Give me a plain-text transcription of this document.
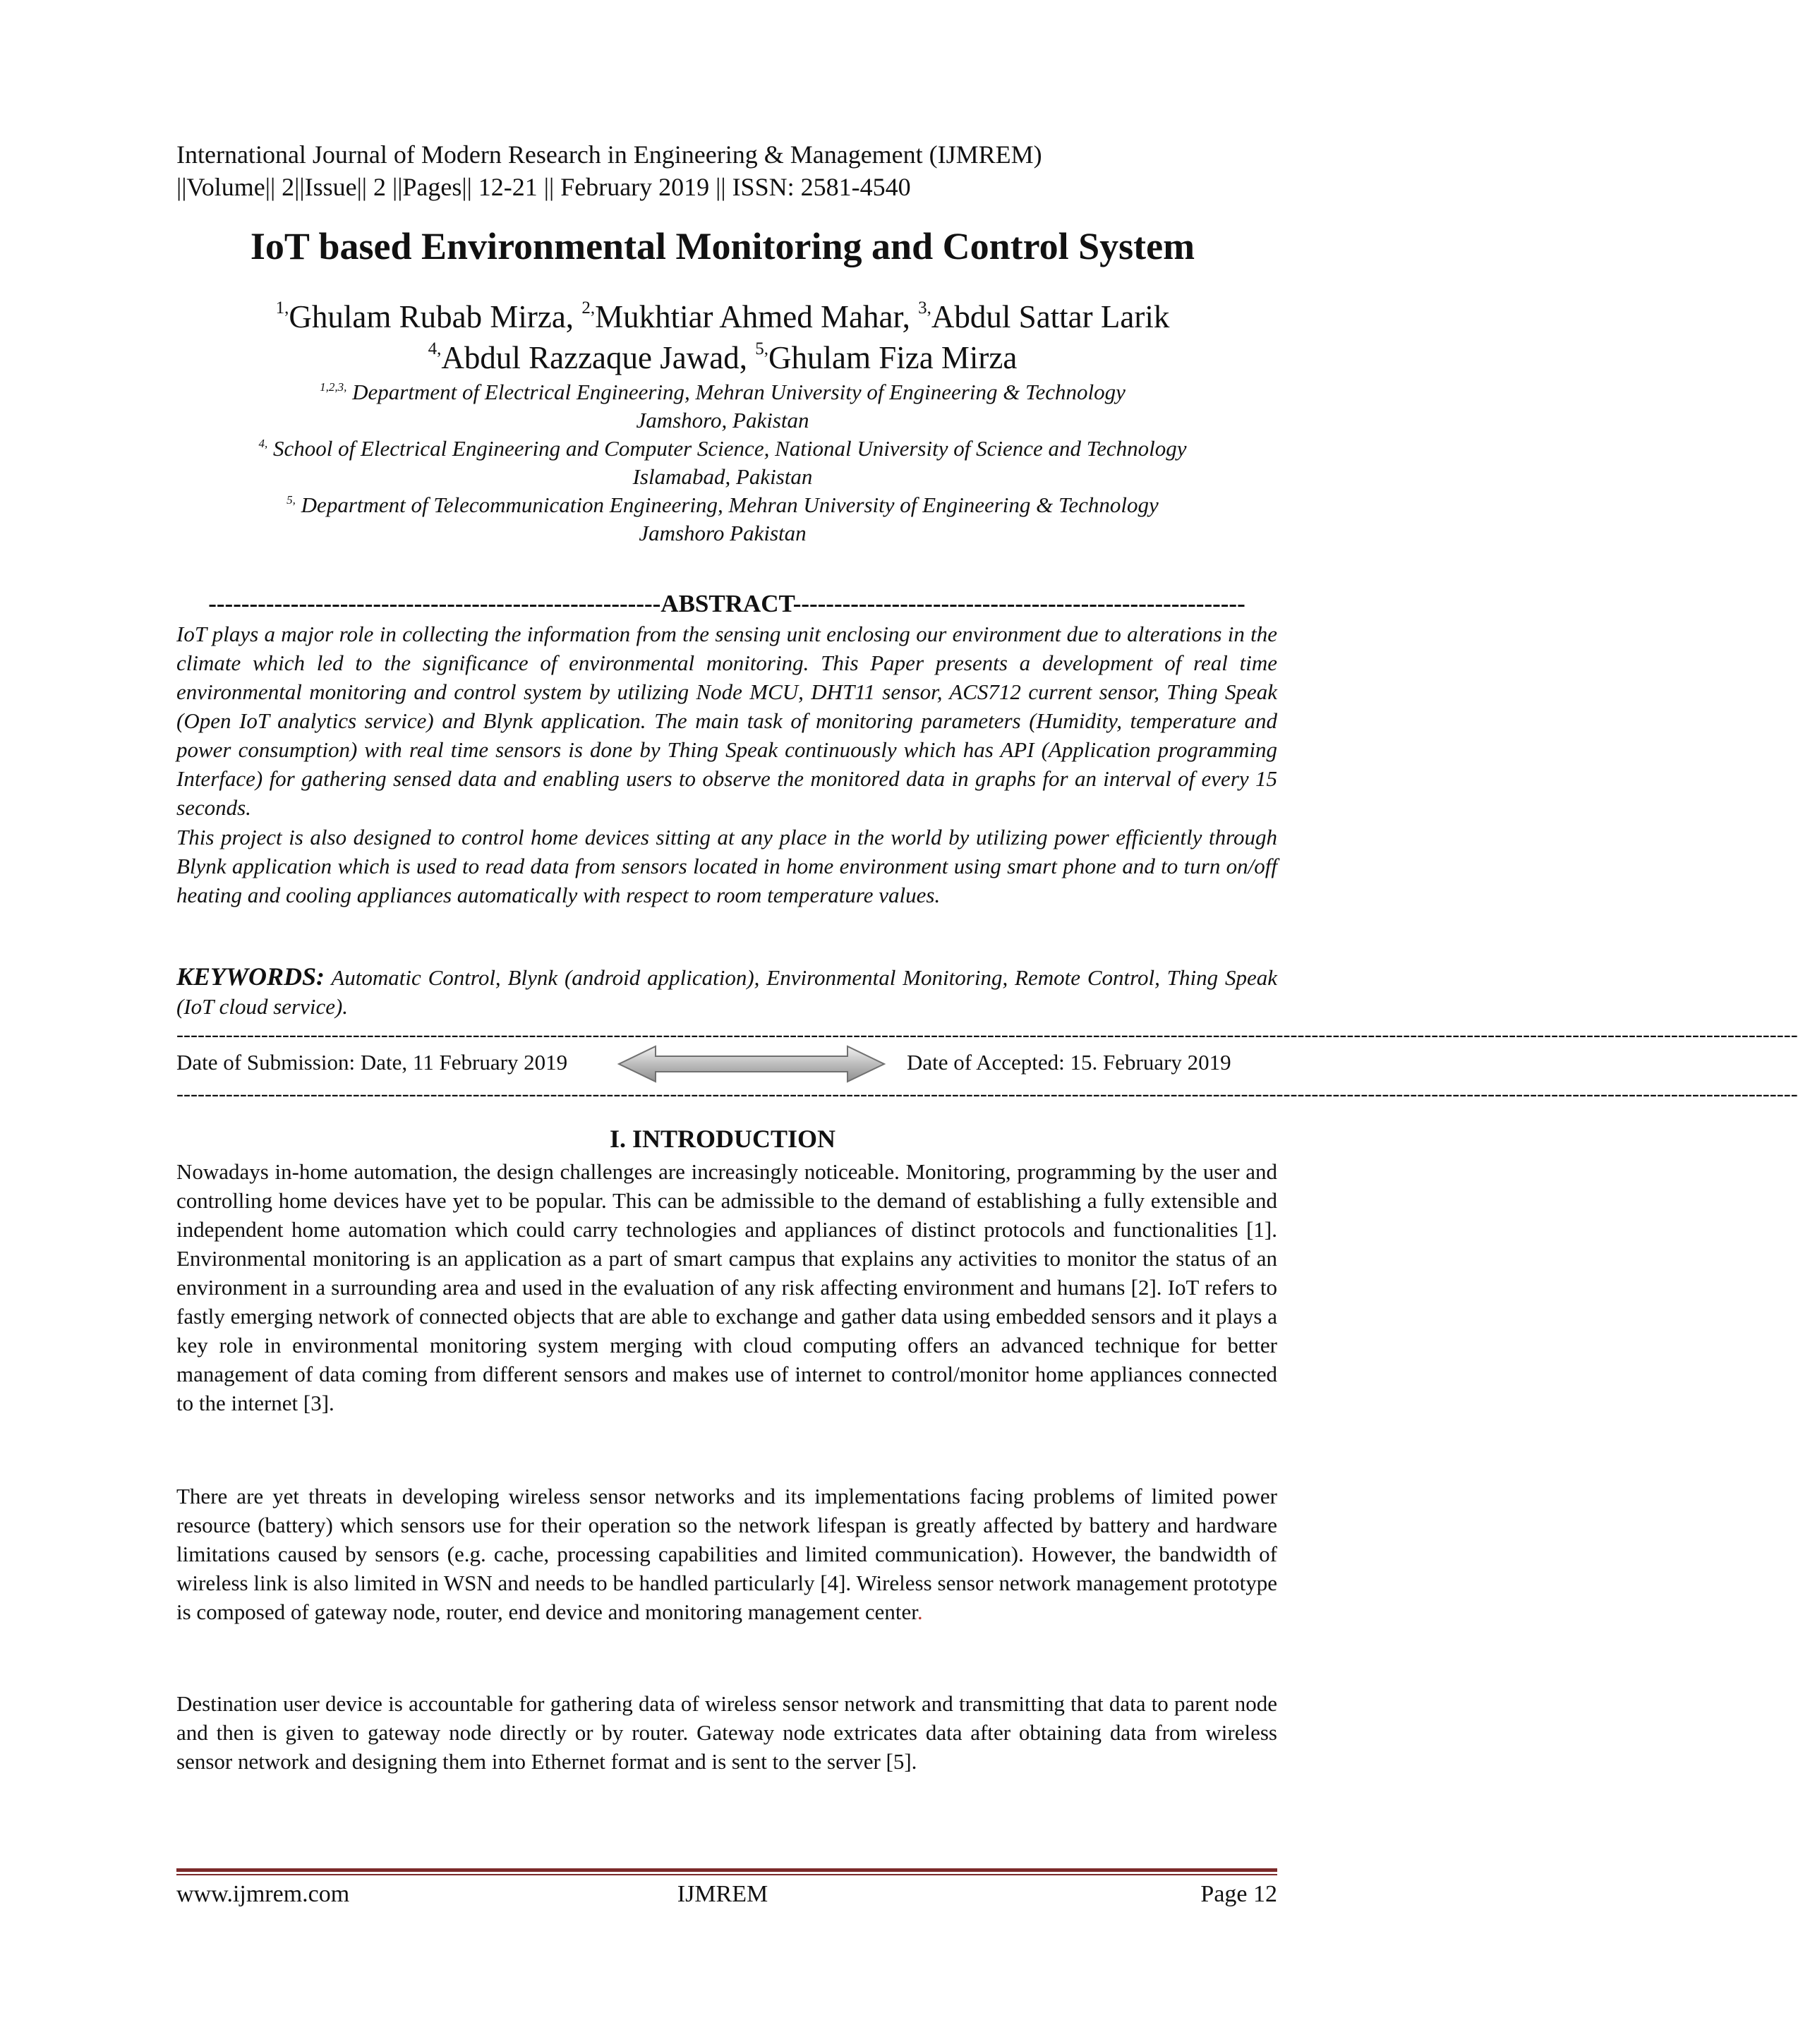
International Journal of Modern Research in Engineering & Management (IJMREM)
||Volume|| 2||Issue|| 2 ||Pages|| 12-21 || February 2019 || ISSN: 2581-4540
IoT based Environmental Monitoring and Control System
$^{1,}$Ghulam Rubab Mirza, $^{2,}$Mukhtiar Ahmed Mahar, $^{3,}$Abdul Sattar Larik
$^{4,}$Abdul Razzaque Jawad, $^{5,}$Ghulam Fiza Mirza
$^{1,2,3,}$ Department of Electrical Engineering, Mehran University of Engineering & Technology
Jamshoro, Pakistan
$^{4,}$ School of Electrical Engineering and Computer Science, National University of Science and Technology
Islamabad, Pakistan
$^{5,}$ Department of Telecommunication Engineering, Mehran University of Engineering & Technology
Jamshoro Pakistan
-------------------------------------------------------ABSTRACT-------------------------------------------------------
IoT plays a major role in collecting the information from the sensing unit enclosing our environment due to alterations in the climate which led to the significance of environmental monitoring. This Paper presents a development of real time environmental monitoring and control system by utilizing Node MCU, DHT11 sensor, ACS712 current sensor, Thing Speak (Open IoT analytics service) and Blynk application. The main task of monitoring parameters (Humidity, temperature and power consumption) with real time sensors is done by Thing Speak continuously which has API (Application programming Interface) for gathering sensed data and enabling users to observe the monitored data in graphs for an interval of every 15 seconds.
This project is also designed to control home devices sitting at any place in the world by utilizing power efficiently through Blynk application which is used to read data from sensors located in home environment using smart phone and to turn on/off heating and cooling appliances automatically with respect to room temperature values.
KEYWORDS: Automatic Control, Blynk (android application), Environmental Monitoring, Remote Control, Thing Speak (IoT cloud service).
--------------------------------------------------------------------------------------------------------------------------------------------------------------------------------------------------------------------------------------
--------------------------------------------------------------------------------------------------------------------------------------------------------------------------------------------------------------------------------------
Date of Submission: Date, 11 February 2019	Date of Accepted: 15. February 2019
I. INTRODUCTION
Nowadays in-home automation, the design challenges are increasingly noticeable. Monitoring, programming by the user and controlling home devices have yet to be popular. This can be admissible to the demand of establishing a fully extensible and independent home automation which could carry technologies and appliances of distinct protocols and functionalities [1]. Environmental monitoring is an application as a part of smart campus that explains any activities to monitor the status of an environment in a surrounding area and used in the evaluation of any risk affecting environment and humans [2]. IoT refers to fastly emerging network of connected objects that are able to exchange and gather data using embedded sensors and it plays a key role in environmental monitoring system merging with cloud computing offers an advanced technique for better management of data coming from different sensors and makes use of internet to control/monitor home appliances connected to the internet [3].
There are yet threats in developing wireless sensor networks and its implementations facing problems of limited power resource (battery) which sensors use for their operation so the network lifespan is greatly affected by battery and hardware limitations caused by sensors (e.g. cache, processing capabilities and limited communication). However, the bandwidth of wireless link is also limited in WSN and needs to be handled particularly [4]. Wireless sensor network management prototype is composed of gateway node, router, end device and monitoring management center.
Destination user device is accountable for gathering data of wireless sensor network and transmitting that data to parent node and then is given to gateway node directly or by router. Gateway node extricates data after obtaining data from wireless sensor network and designing them into Ethernet format and is sent to the server [5].
www.ijmrem.com	IJMREM	Page 12
